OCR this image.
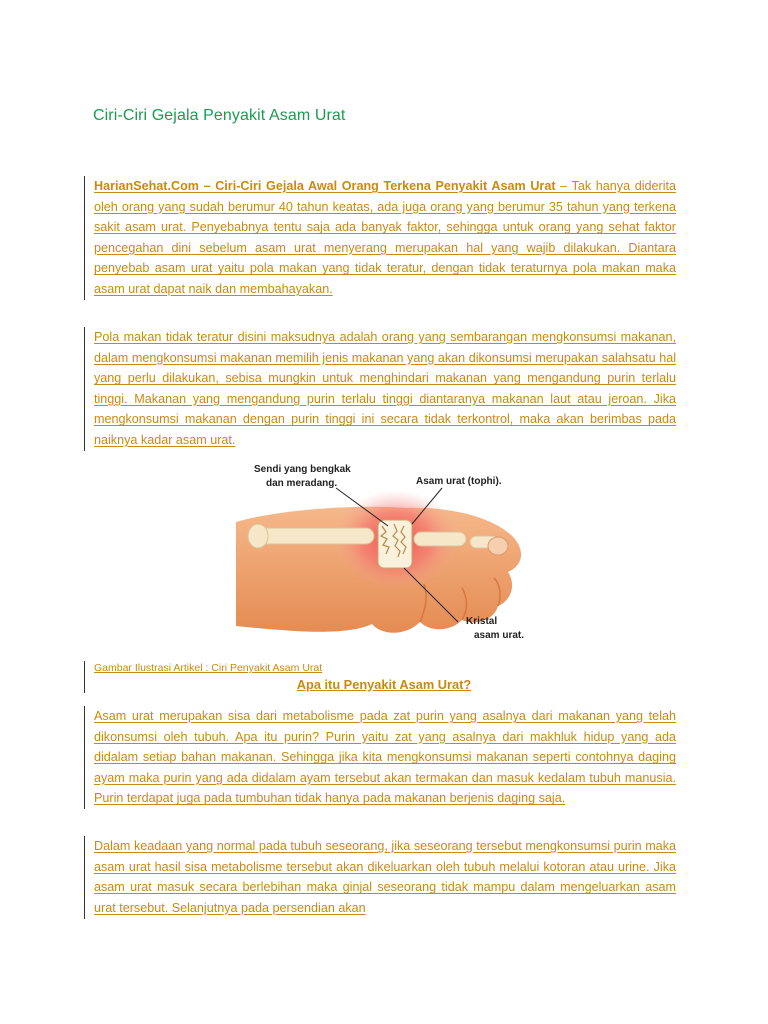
Ciri-Ciri Gejala Penyakit Asam Urat

HarianSehat.Com – Ciri-Ciri Gejala Awal Orang Terkena Penyakit Asam Urat – Tak hanya diderita oleh orang yang sudah berumur 40 tahun keatas, ada juga orang yang berumur 35 tahun yang terkena sakit asam urat. Penyebabnya tentu saja ada banyak faktor, sehingga untuk orang yang sehat faktor pencegahan dini sebelum asam urat menyerang merupakan hal yang wajib dilakukan. Diantara penyebab asam urat yaitu pola makan yang tidak teratur, dengan tidak teraturnya pola makan maka asam urat dapat naik dan membahayakan.

Pola makan tidak teratur disini maksudnya adalah orang yang sembarangan mengkonsumsi makanan, dalam mengkonsumsi makanan memilih jenis makanan yang akan dikonsumsi merupakan salahsatu hal yang perlu dilakukan, sebisa mungkin untuk menghindari makanan yang mengandung purin terlalu tinggi. Makanan yang mengandung purin terlalu tinggi diantaranya makanan laut atau jeroan. Jika mengkonsumsi makanan dengan purin tinggi ini secara tidak terkontrol, maka akan berimbas pada naiknya kadar asam urat.

Sendi yang bengkak
dan meradang.	Asam urat (tophi).
Kristal
asam urat.
Gambar Ilustrasi Artikel : Ciri Penyakit Asam Urat
Apa itu Penyakit Asam Urat?

Asam urat merupakan sisa dari metabolisme pada zat purin yang asalnya dari makanan yang telah dikonsumsi oleh tubuh. Apa itu purin? Purin yaitu zat yang asalnya dari makhluk hidup yang ada didalam setiap bahan makanan. Sehingga jika kita mengkonsumsi makanan seperti contohnya daging ayam maka purin yang ada didalam ayam tersebut akan termakan dan masuk kedalam tubuh manusia. Purin terdapat juga pada tumbuhan tidak hanya pada makanan berjenis daging saja.

Dalam keadaan yang normal pada tubuh seseorang, jika seseorang tersebut mengkonsumsi purin maka asam urat hasil sisa metabolisme tersebut akan dikeluarkan oleh tubuh melalui kotoran atau urine. Jika asam urat masuk secara berlebihan maka ginjal seseorang tidak mampu dalam mengeluarkan asam urat tersebut. Selanjutnya pada persendian akan
